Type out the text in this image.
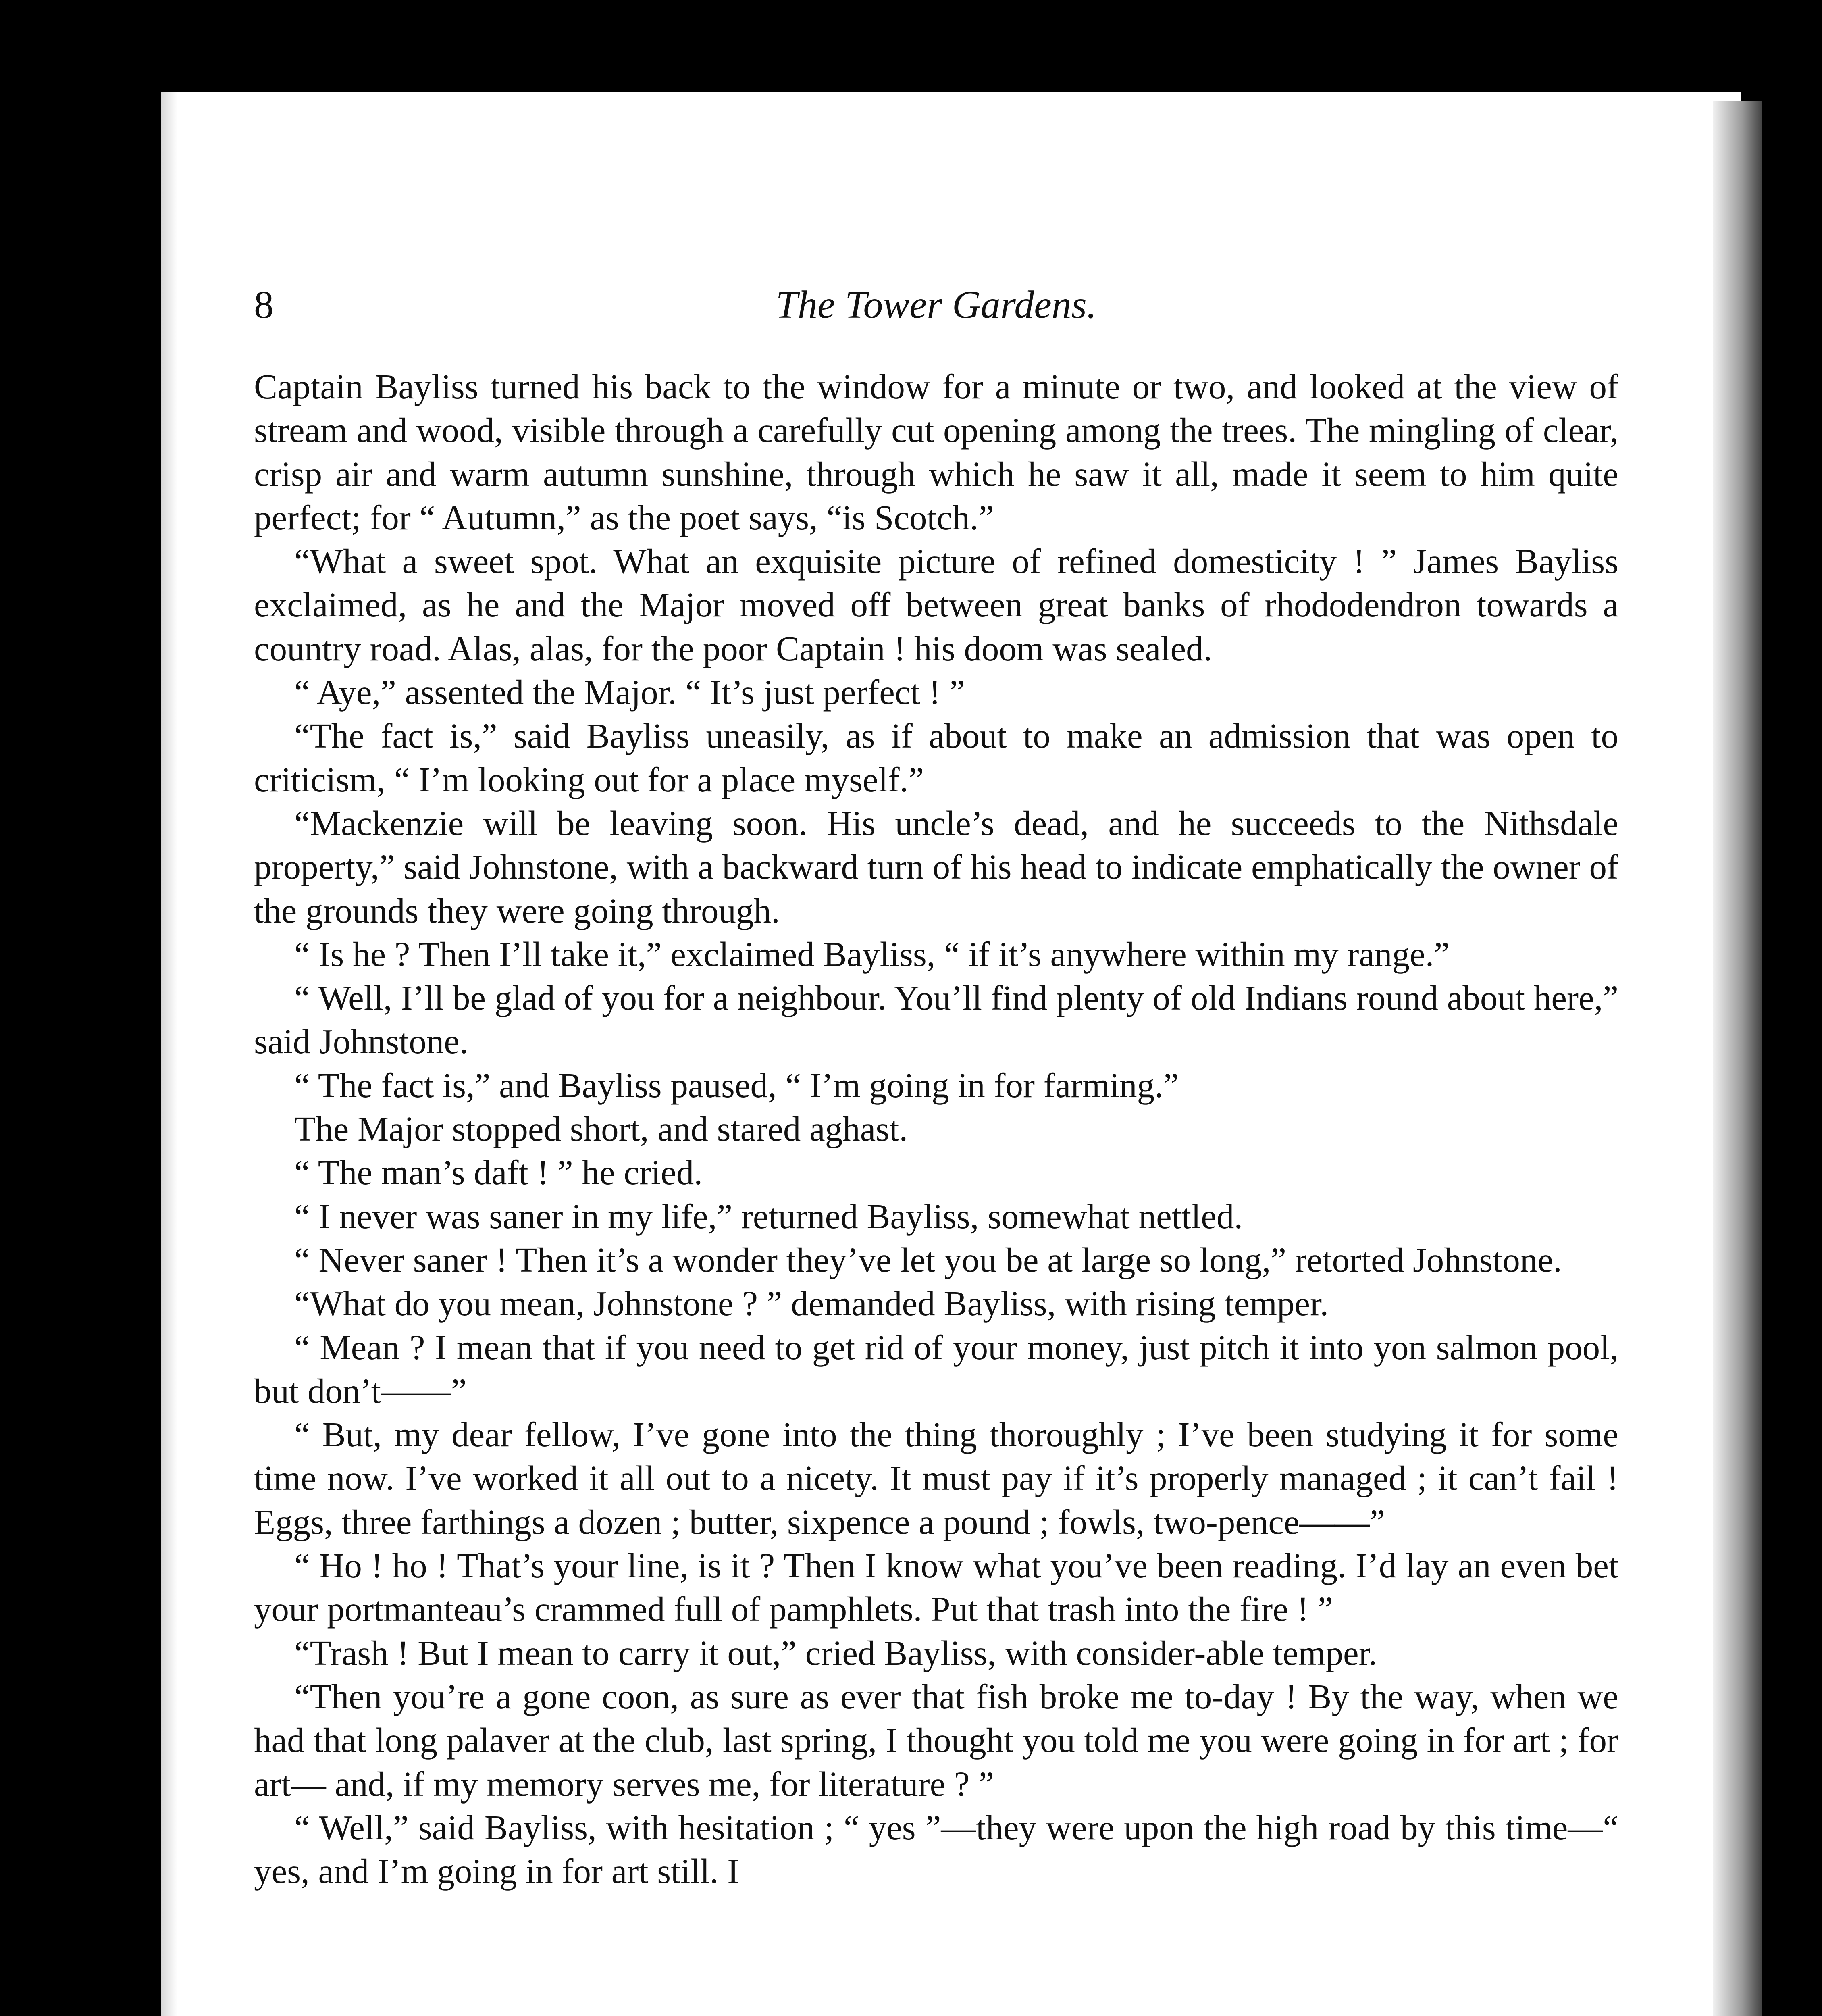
8	The Tower Gardens.

Captain Bayliss turned his back to the window for a minute or two, and looked at the view of stream and wood, visible through a carefully cut opening among the trees. The mingling of clear, crisp air and warm autumn sunshine, through which he saw it all, made it seem to him quite perfect; for “ Autumn,” as the poet says, “is Scotch.”

“What a sweet spot. What an exquisite picture of refined domesticity ! ” James Bayliss exclaimed, as he and the Major moved off between great banks of rhododendron towards a country road. Alas, alas, for the poor Captain ! his doom was sealed.

“ Aye,” assented the Major. “ It’s just perfect ! ”

“The fact is,” said Bayliss uneasily, as if about to make an admission that was open to criticism, “ I’m looking out for a place myself.”

“Mackenzie will be leaving soon. His uncle’s dead, and he succeeds to the Nithsdale property,” said Johnstone, with a backward turn of his head to indicate emphatically the owner of the grounds they were going through.

“ Is he ? Then I’ll take it,” exclaimed Bayliss, “ if it’s anywhere within my range.”

“ Well, I’ll be glad of you for a neighbour. You’ll find plenty of old Indians round about here,” said Johnstone.

“ The fact is,” and Bayliss paused, “ I’m going in for farming.”

The Major stopped short, and stared aghast.

“ The man’s daft ! ” he cried.

“ I never was saner in my life,” returned Bayliss, somewhat nettled.

“ Never saner ! Then it’s a wonder they’ve let you be at large so long,” retorted Johnstone.

“What do you mean, Johnstone ? ” demanded Bayliss, with rising temper.

“ Mean ? I mean that if you need to get rid of your money, just pitch it into yon salmon pool, but don’t——”

“ But, my dear fellow, I’ve gone into the thing thoroughly ; I’ve been studying it for some time now. I’ve worked it all out to a nicety. It must pay if it’s properly managed ; it can’t fail ! Eggs, three farthings a dozen ; butter, sixpence a pound ; fowls, two-pence——”

“ Ho ! ho ! That’s your line, is it ? Then I know what you’ve been reading. I’d lay an even bet your portmanteau’s crammed full of pamphlets. Put that trash into the fire ! ”

“Trash ! But I mean to carry it out,” cried Bayliss, with consider-able temper.

“Then you’re a gone coon, as sure as ever that fish broke me to-day ! By the way, when we had that long palaver at the club, last spring, I thought you told me you were going in for art ; for art— and, if my memory serves me, for literature ? ”

“ Well,” said Bayliss, with hesitation ; “ yes ”—they were upon the high road by this time—“ yes, and I’m going in for art still. I
